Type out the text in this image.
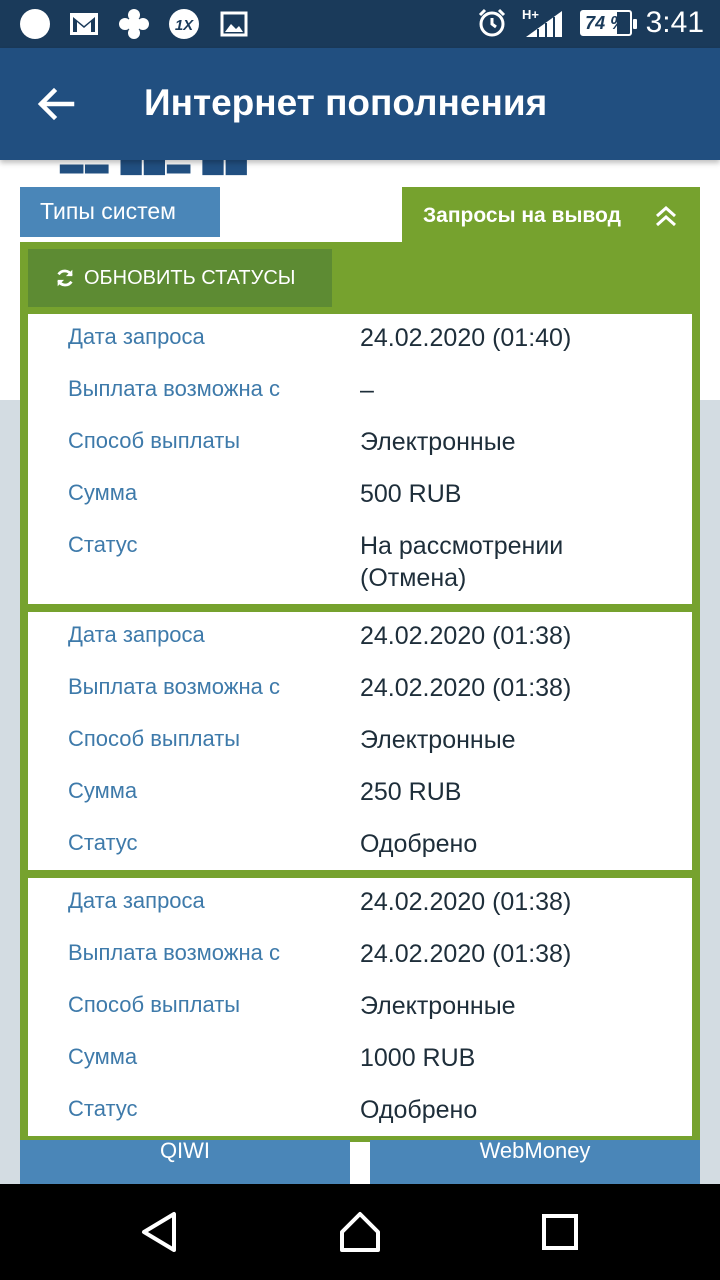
1X
H+	74 % 3:41
Интернет пополнения
Типы систем
ОБНОВИТЬ СТАТУСЫ
Дата запроса	24.02.2020 (01:40)
Выплата возможна с	–
Способ выплаты	Электронные
Сумма	500 RUB
Статус	На рассмотрении
(Отмена)
Дата запроса	24.02.2020 (01:38)
Выплата возможна с	24.02.2020 (01:38)
Способ выплаты	Электронные
Сумма	250 RUB
Статус	Одобрено
Дата запроса	24.02.2020 (01:38)
Выплата возможна с	24.02.2020 (01:38)
Способ выплаты	Электронные
Сумма	1000 RUB
Статус	Одобрено
Запросы на вывод
QIWI	WebMoney
